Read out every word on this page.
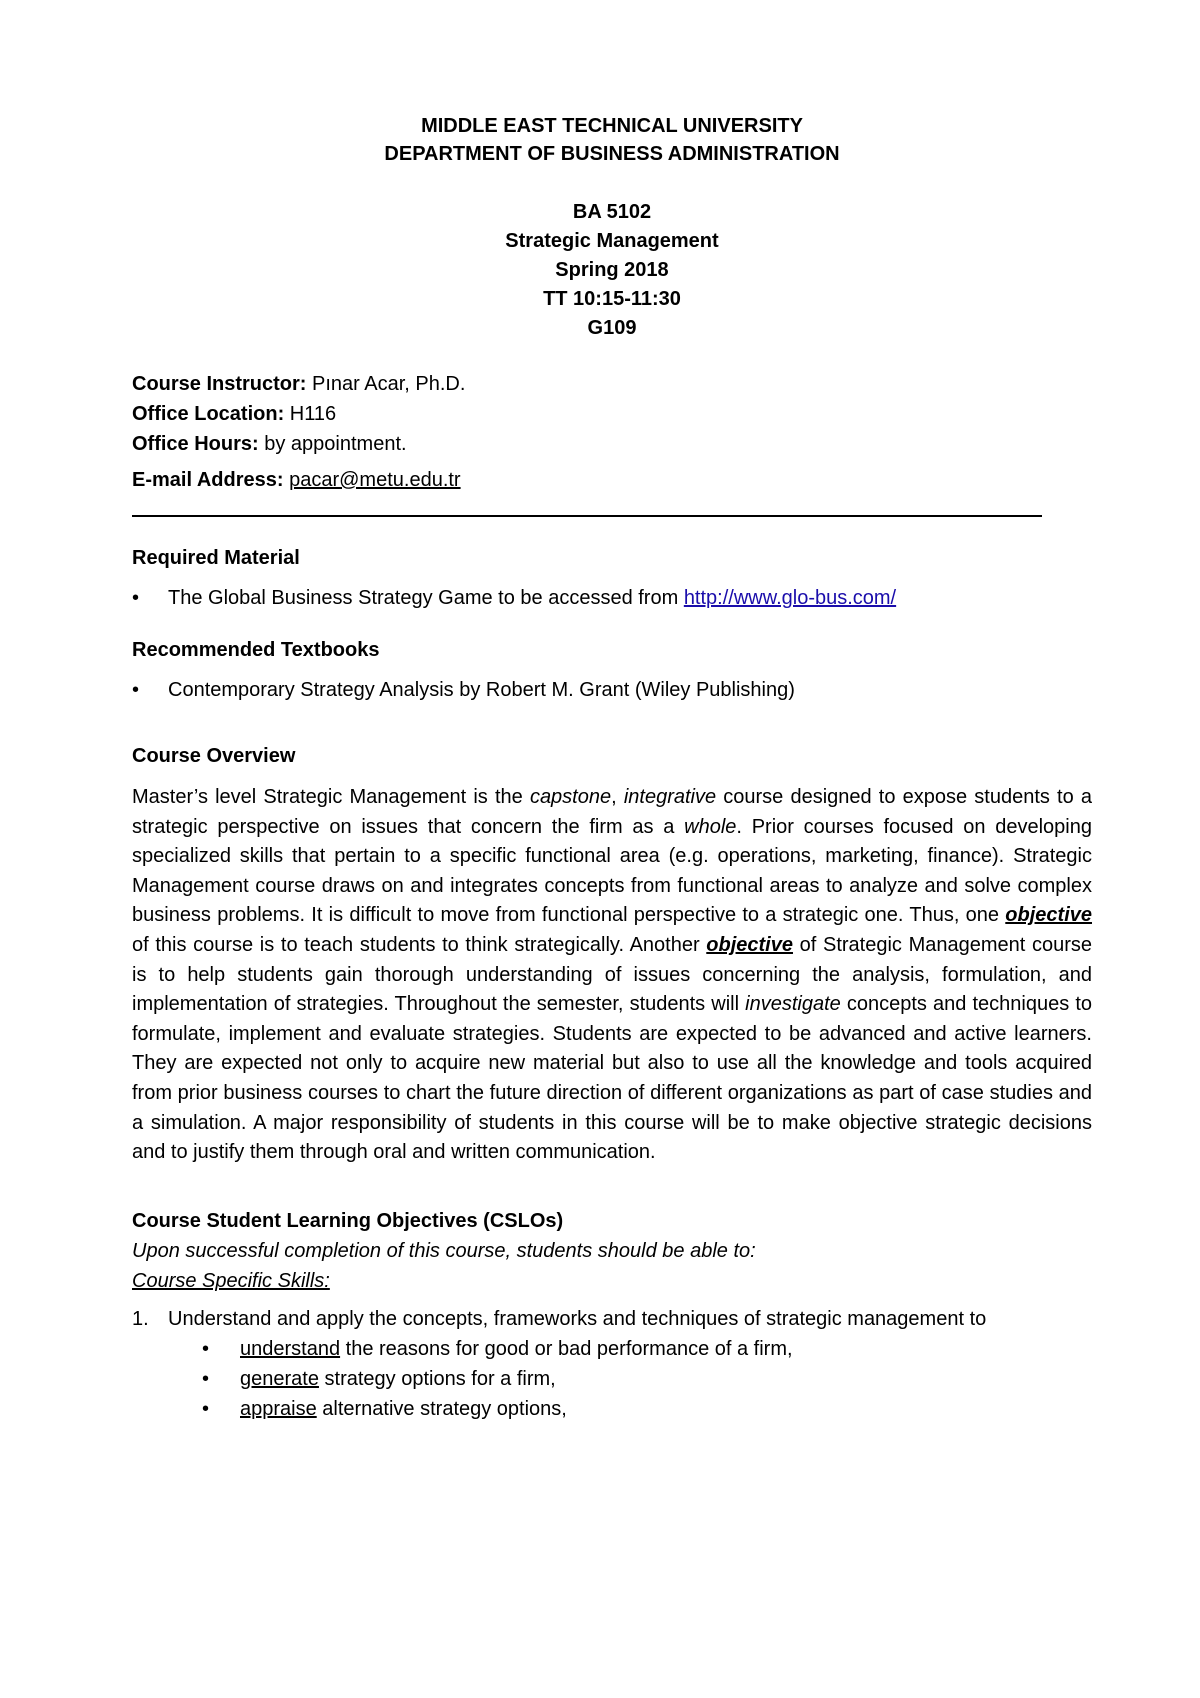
MIDDLE EAST TECHNICAL UNIVERSITY
DEPARTMENT OF BUSINESS ADMINISTRATION
BA 5102
Strategic Management
Spring 2018
TT 10:15-11:30
G109
Course Instructor: Pınar Acar, Ph.D.
Office Location: H116
Office Hours: by appointment.
E-mail Address: pacar@metu.edu.tr
Required Material
• The Global Business Strategy Game to be accessed from http://www.glo-bus.com/
Recommended Textbooks
• Contemporary Strategy Analysis by Robert M. Grant (Wiley Publishing)
Course Overview
Master’s level Strategic Management is the capstone, integrative course designed to expose students to a strategic perspective on issues that concern the firm as a whole. Prior courses focused on developing specialized skills that pertain to a specific functional area (e.g. operations, marketing, finance). Strategic Management course draws on and integrates concepts from functional areas to analyze and solve complex business problems. It is difficult to move from functional perspective to a strategic one. Thus, one objective of this course is to teach students to think strategically. Another objective of Strategic Management course is to help students gain thorough understanding of issues concerning the analysis, formulation, and implementation of strategies. Throughout the semester, students will investigate concepts and techniques to formulate, implement and evaluate strategies. Students are expected to be advanced and active learners. They are expected not only to acquire new material but also to use all the knowledge and tools acquired from prior business courses to chart the future direction of different organizations as part of case studies and a simulation. A major responsibility of students in this course will be to make objective strategic decisions and to justify them through oral and written communication.
Course Student Learning Objectives (CSLOs)
Upon successful completion of this course, students should be able to:
Course Specific Skills:
1. Understand and apply the concepts, frameworks and techniques of strategic management to
• understand the reasons for good or bad performance of a firm,
• generate strategy options for a firm,
• appraise alternative strategy options,
